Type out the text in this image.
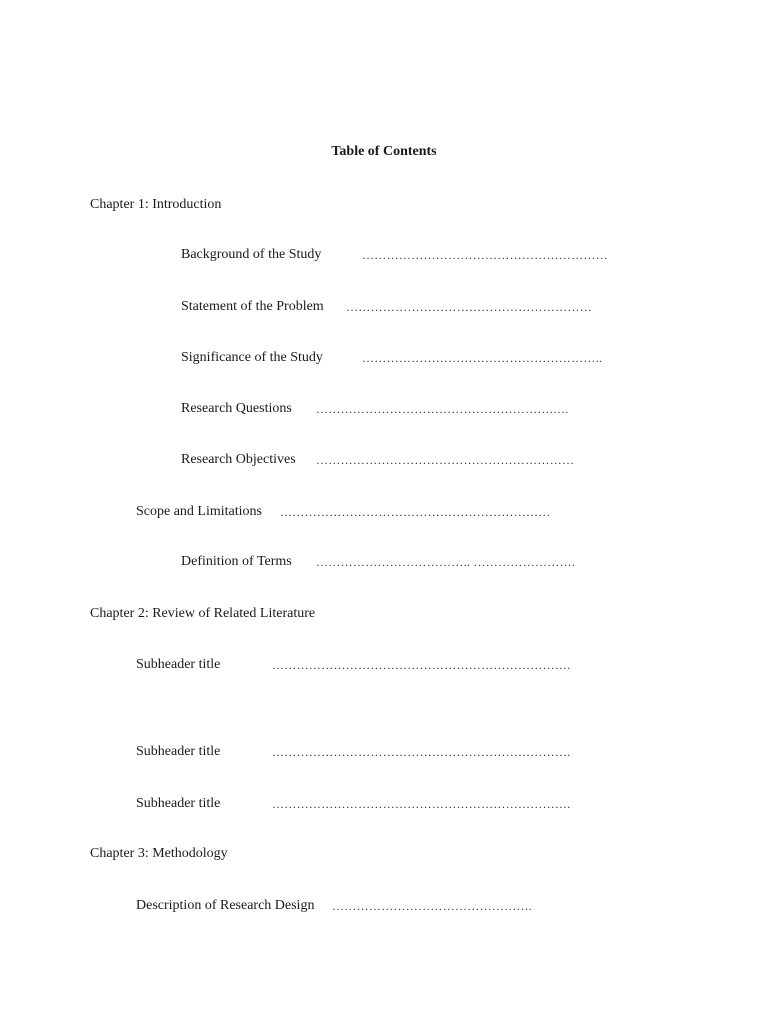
Table of Contents
Chapter 1: Introduction
Background of the Study	……………………………………………………
Statement of the Problem ……………………………………………………
Significance of the Study	…………………………………………………..
Research Questions ………………………………………………….….
Research Objectives ………………………………………………………
Scope and Limitations …………………………………………………………
Definition of Terms ……………………………….. …………………….
Chapter 2: Review of Related Literature
Subheader title	……………………………………………………………….
Subheader title	……………………………………………………………….
Subheader title	……………………………………………………………….
Chapter 3: Methodology
Description of Research Design ………………………………………….
